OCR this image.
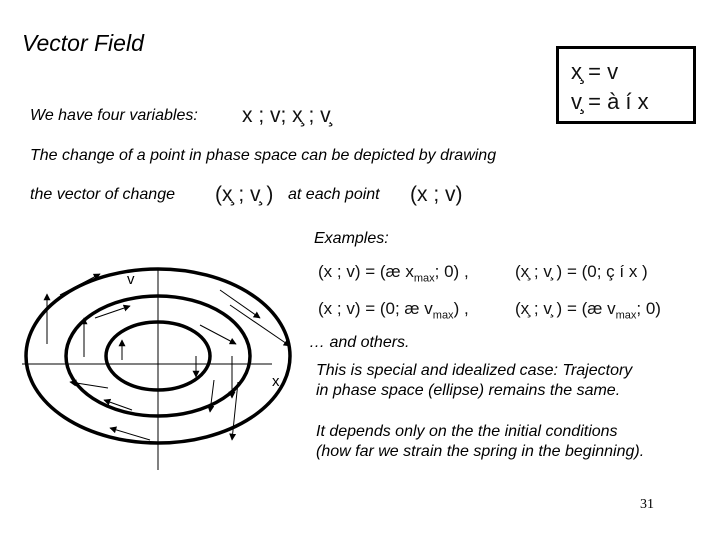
Vector Field
x̧ = v
v̧ = à í x
We have four variables: x ; v; x̧ ; v̧
The change of a point in phase space can be depicted by drawing
the vector of change (x̧ ; v̧ ) at each point (x ; v)
Examples:
(x ; v) = (æ $x_{max}$; 0) ,	(x̧ ; v̧ ) = (0; ç í x )
(x ; v) = (0; æ $v_{max}$) ,	(x̧ ; v̧ ) = (æ $v_{max}$; 0)
… and others.
This is special and idealized case: Trajectory
in phase space (ellipse) remains the same.
It depends only on the the initial conditions
(how far we strain the spring in the beginning).
31
v
x
